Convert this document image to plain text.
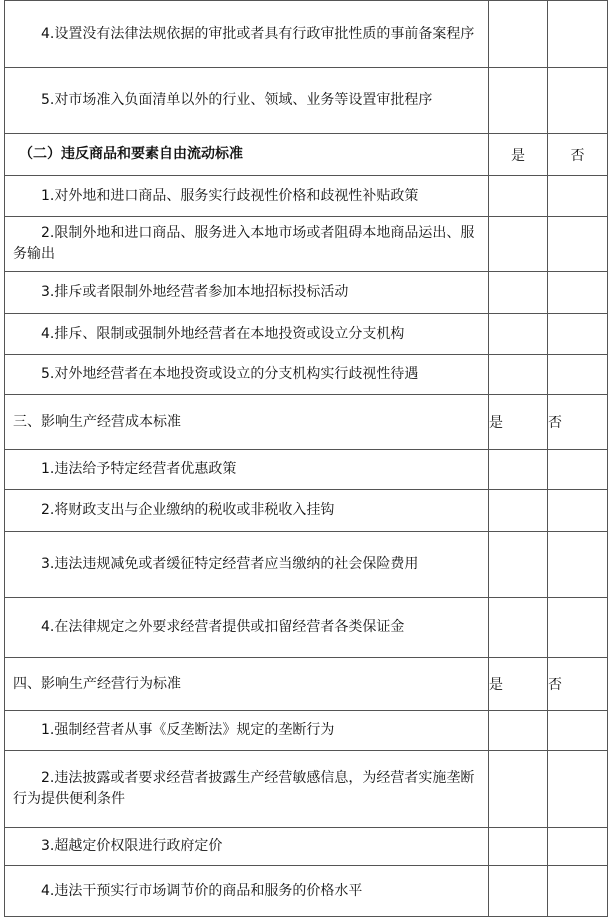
4.设置没有法律法规依据的审批或者具有行政审批性质的事前备案程序		

5.对市场准入负面清单以外的行业、领域、业务等设置审批程序		

（二）违反商品和要素自由流动标准	是	否

1.对外地和进口商品、服务实行歧视性价格和歧视性补贴政策		

2.限制外地和进口商品、服务进入本地市场或者阻碍本地商品运出、服务输出		

3.排斥或者限制外地经营者参加本地招标投标活动		

4.排斥、限制或强制外地经营者在本地投资或设立分支机构		

5.对外地经营者在本地投资或设立的分支机构实行歧视性待遇		

三、影响生产经营成本标准	是	否

1.违法给予特定经营者优惠政策		

2.将财政支出与企业缴纳的税收或非税收入挂钩		

3.违法违规减免或者缓征特定经营者应当缴纳的社会保险费用		

4.在法律规定之外要求经营者提供或扣留经营者各类保证金		

四、影响生产经营行为标准	是	否

1.强制经营者从事《反垄断法》规定的垄断行为		

2.违法披露或者要求经营者披露生产经营敏感信息，为经营者实施垄断行为提供便利条件		

3.超越定价权限进行政府定价		

4.违法干预实行市场调节价的商品和服务的价格水平		
